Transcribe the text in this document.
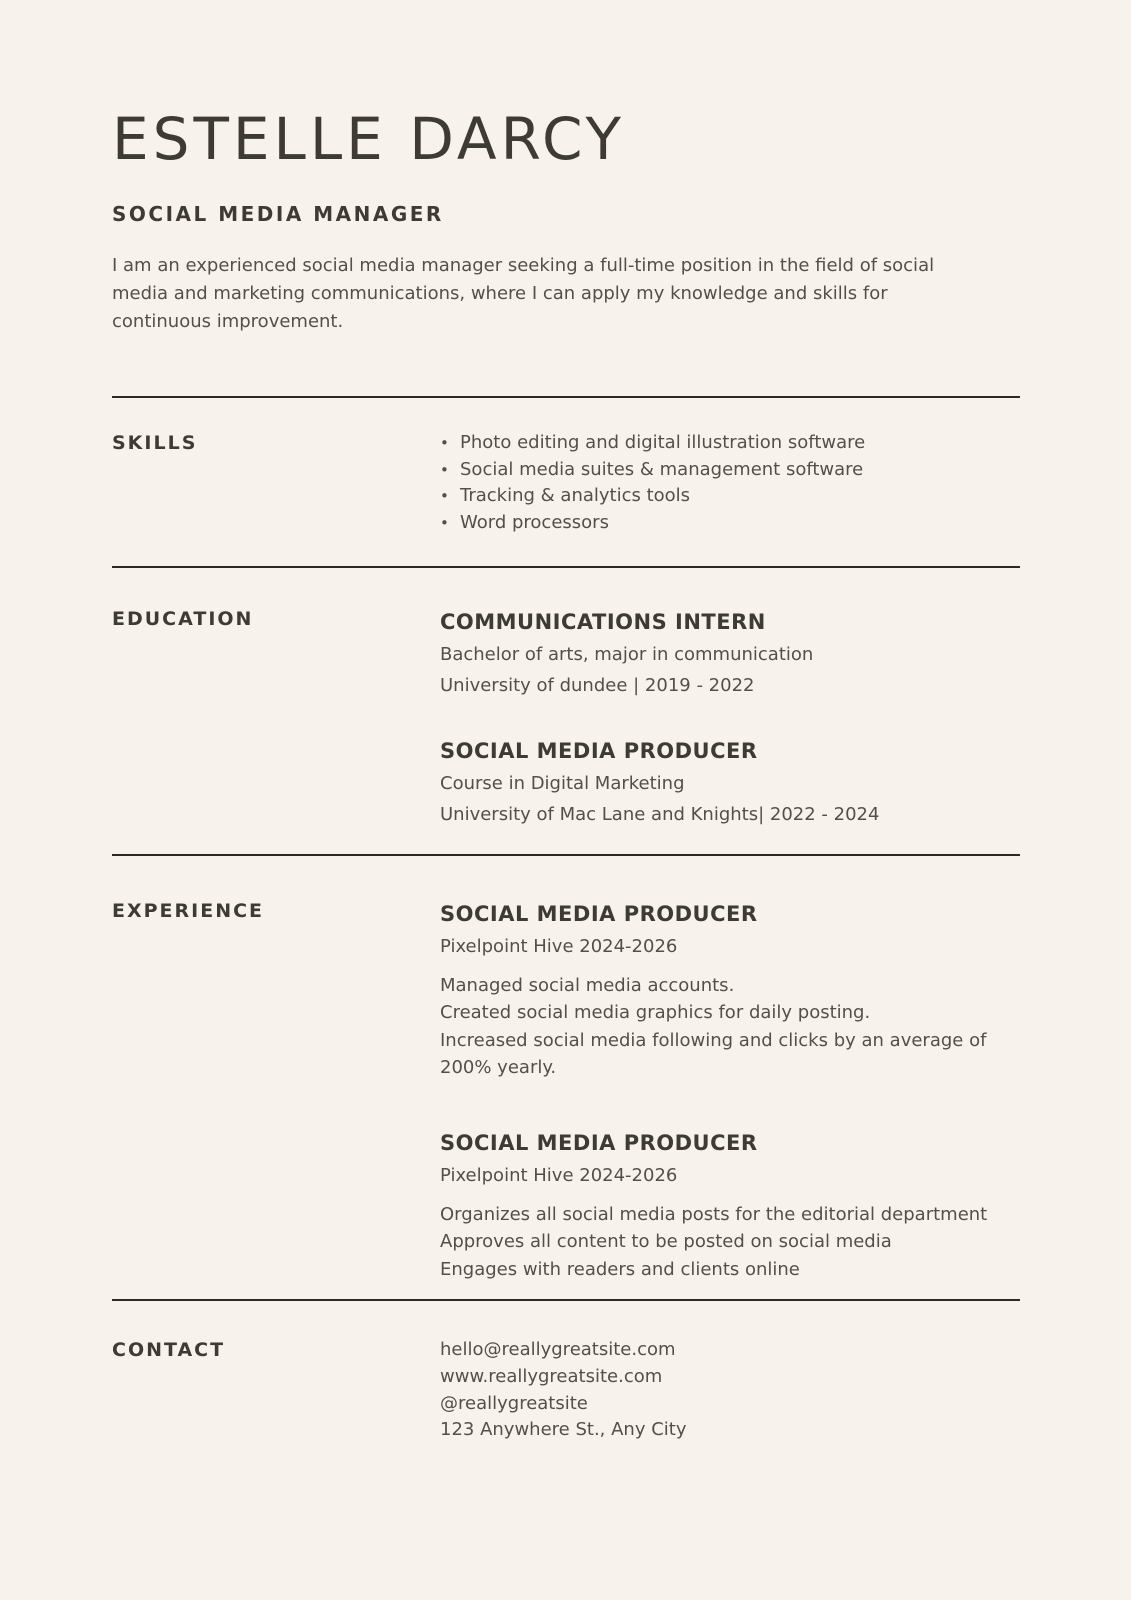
ESTELLE DARCY
SOCIAL MEDIA MANAGER
I am an experienced social media manager seeking a full-time position in the field of social
media and marketing communications, where I can apply my knowledge and skills for
continuous improvement.
SKILLS	• Photo editing and digital illustration software
• Social media suites & management software
• Tracking & analytics tools
• Word processors
EDUCATION	COMMUNICATIONS INTERN
Bachelor of arts, major in communication
University of dundee | 2019 - 2022
SOCIAL MEDIA PRODUCER
Course in Digital Marketing
University of Mac Lane and Knights| 2022 - 2024
EXPERIENCE	SOCIAL MEDIA PRODUCER
Pixelpoint Hive 2024-2026
Managed social media accounts.
Created social media graphics for daily posting.
Increased social media following and clicks by an average of
200% yearly.
SOCIAL MEDIA PRODUCER
Pixelpoint Hive 2024-2026
Organizes all social media posts for the editorial department
Approves all content to be posted on social media
Engages with readers and clients online
CONTACT	hello@reallygreatsite.com
www.reallygreatsite.com
@reallygreatsite
123 Anywhere St., Any City
